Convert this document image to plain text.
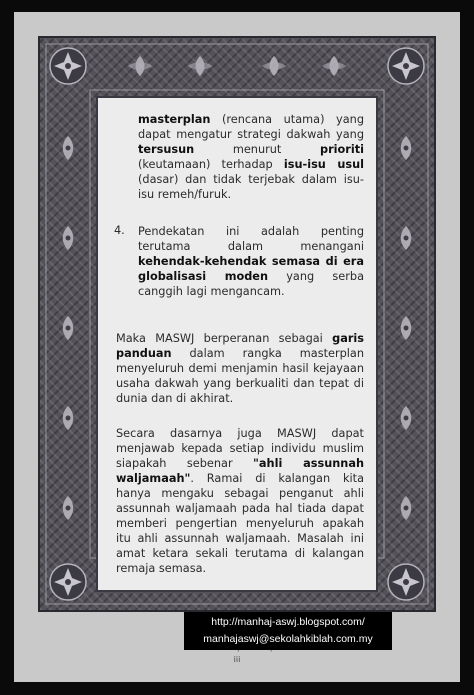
masterplan (rencana utama) yang dapat mengatur strategi dakwah yang tersusun menurut prioriti (keutamaan) terhadap isu-isu usul (dasar) dan tidak terjebak dalam isu-isu remeh/furuk.

4. Pendekatan ini adalah penting terutama dalam menangani kehendak-kehendak semasa di era globalisasi moden yang serba canggih lagi mengancam.

Maka MASWJ berperanan sebagai garis panduan dalam rangka masterplan menyeluruh demi menjamin hasil kejayaan usaha dakwah yang berkualiti dan tepat di dunia dan di akhirat.

Secara dasarnya juga MASWJ dapat menjawab kepada setiap individu muslim siapakah sebenar "ahli assunnah waljamaah". Ramai di kalangan kita hanya mengaku sebagai penganut ahli assunnah waljamaah pada hal tiada dapat memberi pengertian menyeluruh apakah itu ahli assunnah waljamaah. Masalah ini amat ketara sekali terutama di kalangan remaja semasa.

iii
http://manhaj-aswj.blogspot.com/
manhajaswj@sekolahkiblah.com.my
